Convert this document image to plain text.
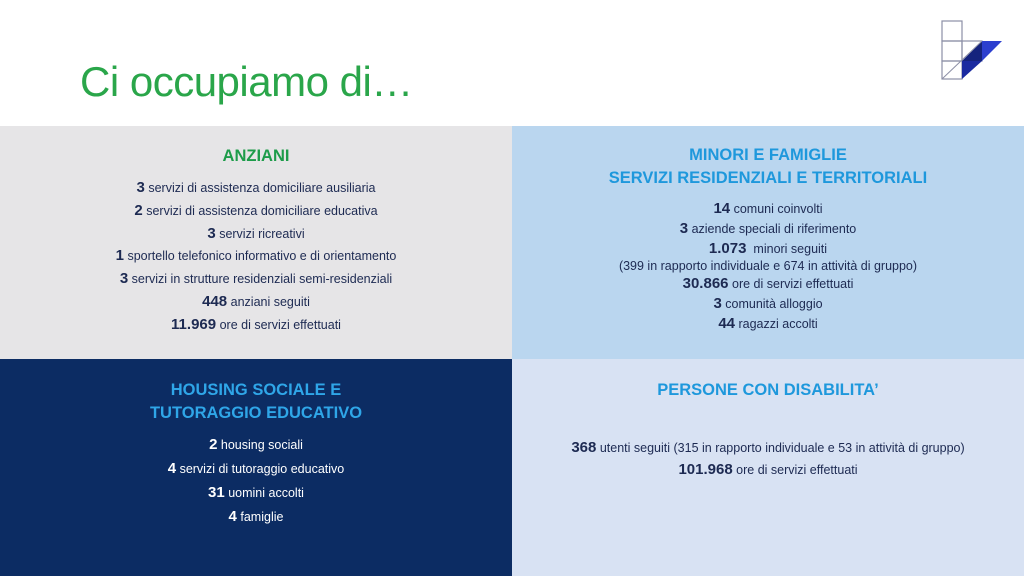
Ci occupiamo di…
ANZIANI
3 servizi di assistenza domiciliare ausiliaria
2 servizi di assistenza domiciliare educativa
3 servizi ricreativi
1 sportello telefonico informativo e di orientamento
3 servizi in strutture residenziali semi-residenziali
448 anziani seguiti
11.969 ore di servizi effettuati
MINORI E FAMIGLIE
SERVIZI RESIDENZIALI E TERRITORIALI
14 comuni coinvolti
3 aziende speciali di riferimento
1.073 minori seguiti
(399 in rapporto individuale e 674 in attività di gruppo)
30.866 ore di servizi effettuati
3 comunità alloggio
44 ragazzi accolti
HOUSING SOCIALE E
TUTORAGGIO EDUCATIVO
2 housing sociali
4 servizi di tutoraggio educativo
31 uomini accolti
4 famiglie
PERSONE CON DISABILITA’
368 utenti seguiti (315 in rapporto individuale e 53 in attività di gruppo)
101.968 ore di servizi effettuati
